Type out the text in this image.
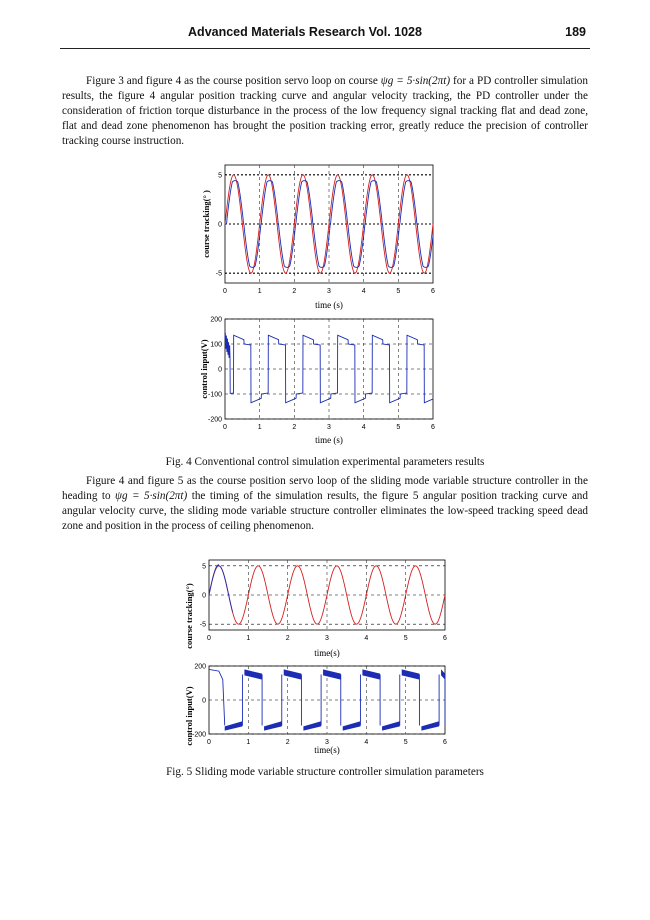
Advanced Materials Research Vol. 1028	189

Figure 3 and figure 4 as the course position servo loop on course ψg = 5·sin(2πt) for a PD controller simulation results, the figure 4 angular position tracking curve and angular velocity tracking, the PD controller under the consideration of friction torque disturbance in the process of the low frequency signal tracking flat and dead zone, flat and dead zone phenomenon has brought the position tracking error, greatly reduce the precision of controller tracking course instruction.

0	1	2	3	4	5	6
5
0
-5
course tracking(° )
time (s)
0	1	2	3	4	5	6
200
100
0
-100
-200
control input(V)
time (s)
Fig. 4 Conventional control simulation experimental parameters results

Figure 4 and figure 5 as the course position servo loop of the sliding mode variable structure controller in the heading to ψg = 5·sin(2πt) the timing of the simulation results, the figure 5 angular position tracking curve and angular velocity curve, the sliding mode variable structure controller eliminates the low-speed tracking speed dead zone and position in the process of ceiling phenomenon.

0	1	2	3	4	5	6
5
0
-5
time(s)
0	1	2	3	4	5	6
200
0
-200
time(s)
control input(V)
course tracking(°)
Fig. 5 Sliding mode variable structure controller simulation parameters
